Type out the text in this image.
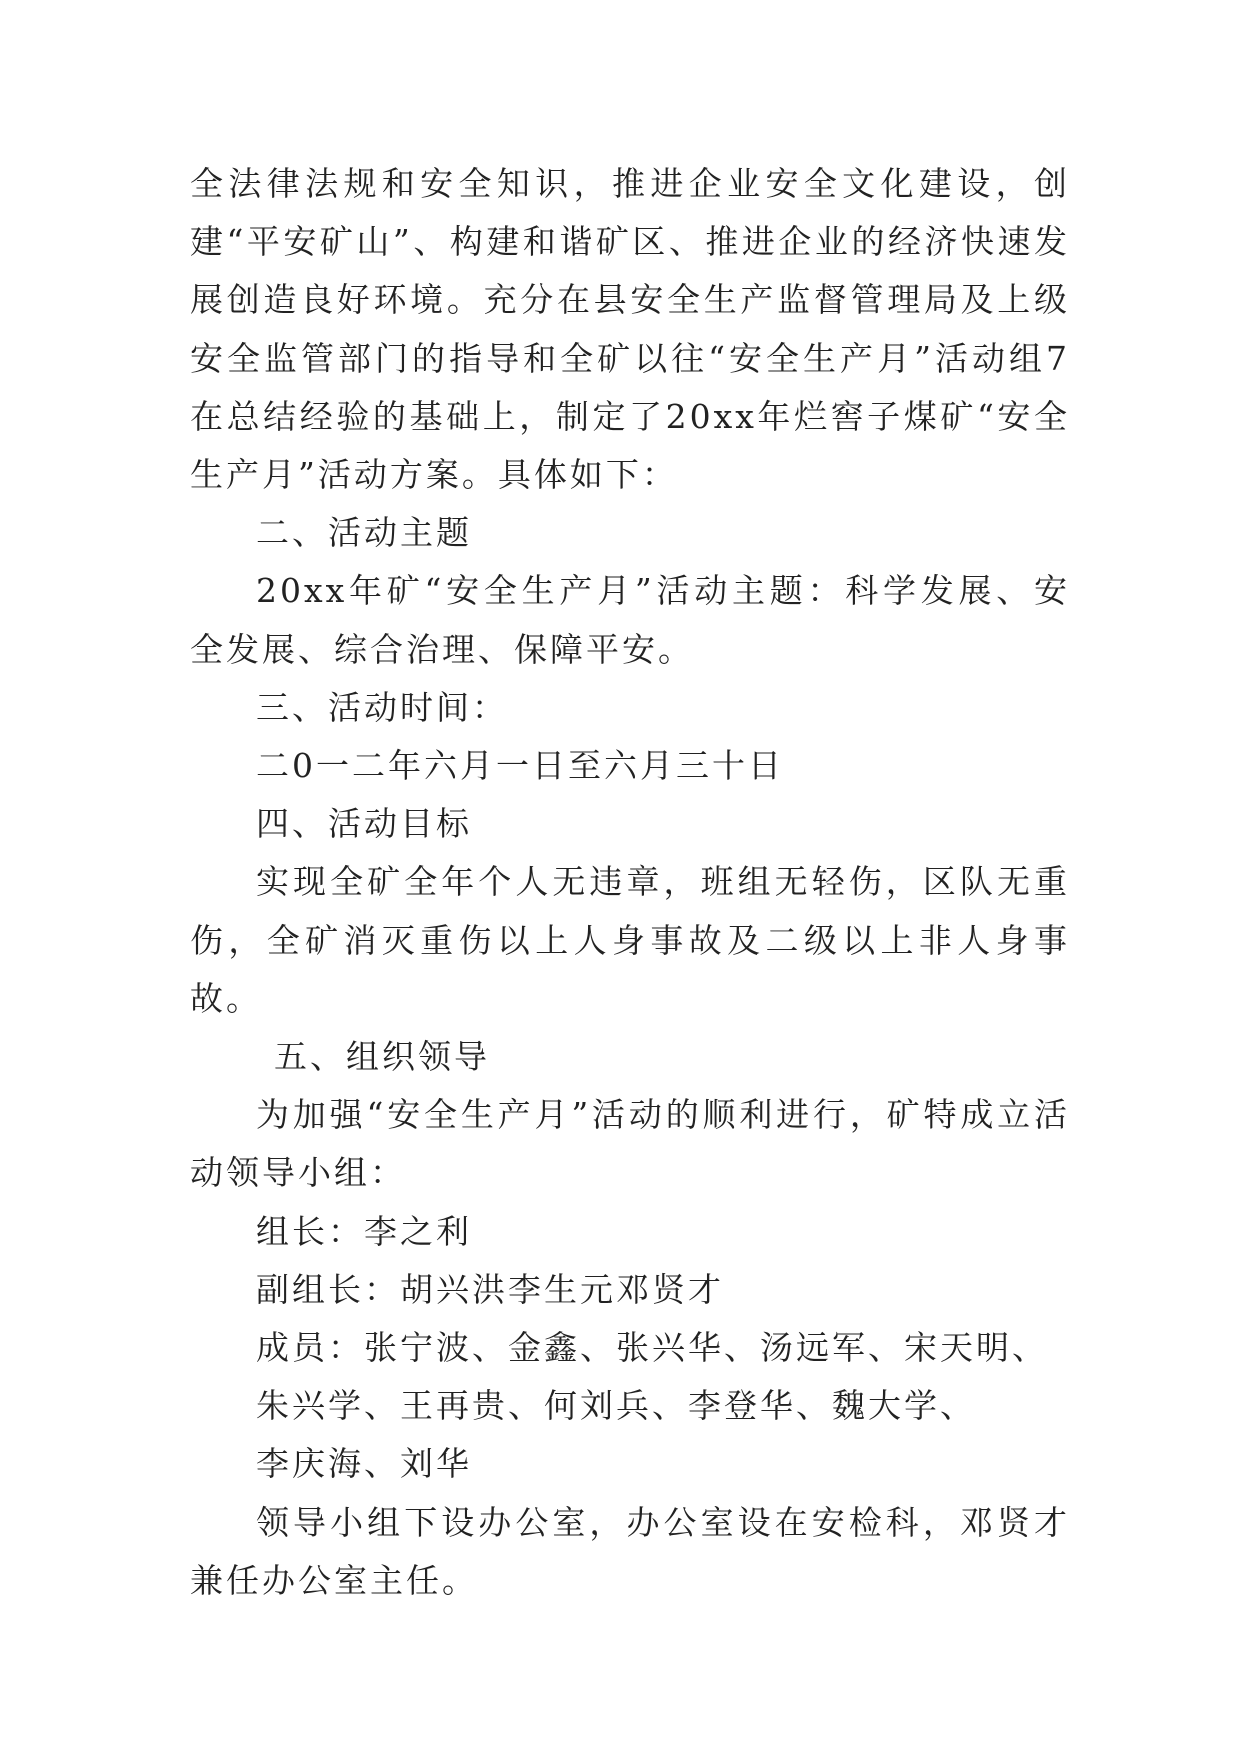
全法律法规和安全知识，推进企业安全文化建设，创建“平安矿山”、构建和谐矿区、推进企业的经济快速发展创造良好环境。充分在县安全生产监督管理局及上级安全监管部门的指导和全矿以往“安全生产月”活动组7在总结经验的基础上，制定了20xx年烂窖子煤矿“安全生产月”活动方案。具体如下：

二、活动主题

20xx年矿“安全生产月”活动主题：科学发展、安全发展、综合治理、保障平安。

三、活动时间：

二0一二年六月一日至六月三十日

四、活动目标

实现全矿全年个人无违章，班组无轻伤，区队无重伤，全矿消灭重伤以上人身事故及二级以上非人身事故。

五、组织领导

为加强“安全生产月”活动的顺利进行，矿特成立活动领导小组：

组长：李之利

副组长：胡兴洪李生元邓贤才

成员：张宁波、金鑫、张兴华、汤远军、宋天明、

朱兴学、王再贵、何刘兵、李登华、魏大学、

李庆海、刘华

领导小组下设办公室，办公室设在安检科，邓贤才兼任办公室主任。
